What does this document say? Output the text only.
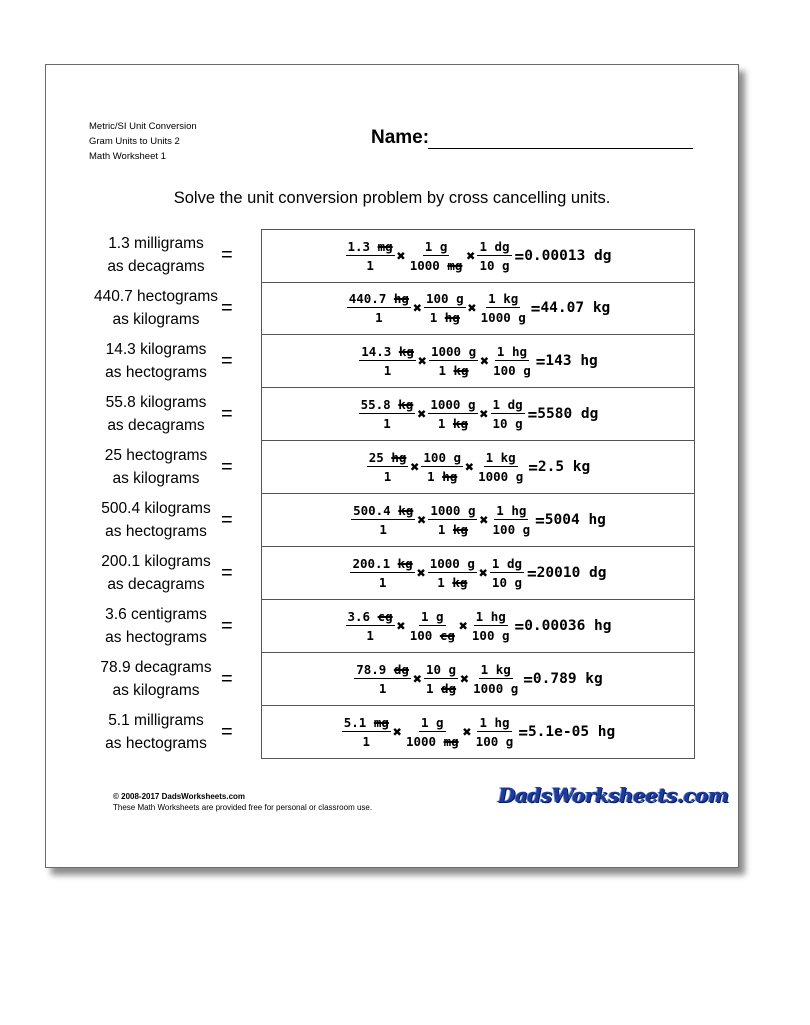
Metric/SI Unit Conversion
Gram Units to Units 2
Math Worksheet 1
Name:
Solve the unit conversion problem by cross cancelling units.
1.3 milligrams
as decagrams
=	$\frac{1.3 mg}{1}$ ✖ $\frac{1 g}{1000 mg}$ ✖ $\frac{1 dg}{10 g} = 0.00013$ dg
440.7 hectograms
as kilograms
=	$\frac{440.7 hg}{1}$ ✖ $\frac{100 g}{1 hg}$ ✖ $\frac{1 kg}{1000 g} = 44.07$ kg
14.3 kilograms
as hectograms
=	$\frac{14.3 kg}{1}$ ✖ $\frac{1000 g}{1 kg}$ ✖ $\frac{1 hg}{100 g} = 143$ hg
55.8 kilograms
as decagrams
=	$\frac{55.8 kg}{1}$ ✖ $\frac{1000 g}{1 kg}$ ✖ $\frac{1 dg}{10 g} = 5580$ dg
25 hectograms
as kilograms
=	$\frac{25 hg}{1}$ ✖ $\frac{100 g}{1 hg}$ ✖ $\frac{1 kg}{1000 g} = 2.5$ kg
500.4 kilograms
as hectograms
=	$\frac{500.4 kg}{1}$ ✖ $\frac{1000 g}{1 kg}$ ✖ $\frac{1 hg}{100 g} = 5004$ hg
200.1 kilograms
as decagrams
=	$\frac{200.1 kg}{1}$ ✖ $\frac{1000 g}{1 kg}$ ✖ $\frac{1 dg}{10 g} = 20010$ dg
3.6 centigrams
as hectograms
=	$\frac{3.6 cg}{1}$ ✖ $\frac{1 g}{100 cg}$ ✖ $\frac{1 hg}{100 g} = 0.00036$ hg
78.9 decagrams
as kilograms
=	$\frac{78.9 dg}{1}$ ✖ $\frac{10 g}{1 dg}$ ✖ $\frac{1 kg}{1000 g} = 0.789$ kg
5.1 milligrams
as hectograms
=	$\frac{5.1 mg}{1}$ ✖ $\frac{1 g}{1000 mg}$ ✖ $\frac{1 hg}{100 g} = 5.1e-05$ hg
© 2008-2017 DadsWorksheets.com
These Math Worksheets are provided free for personal or classroom use.
DadsWorksheets.com
